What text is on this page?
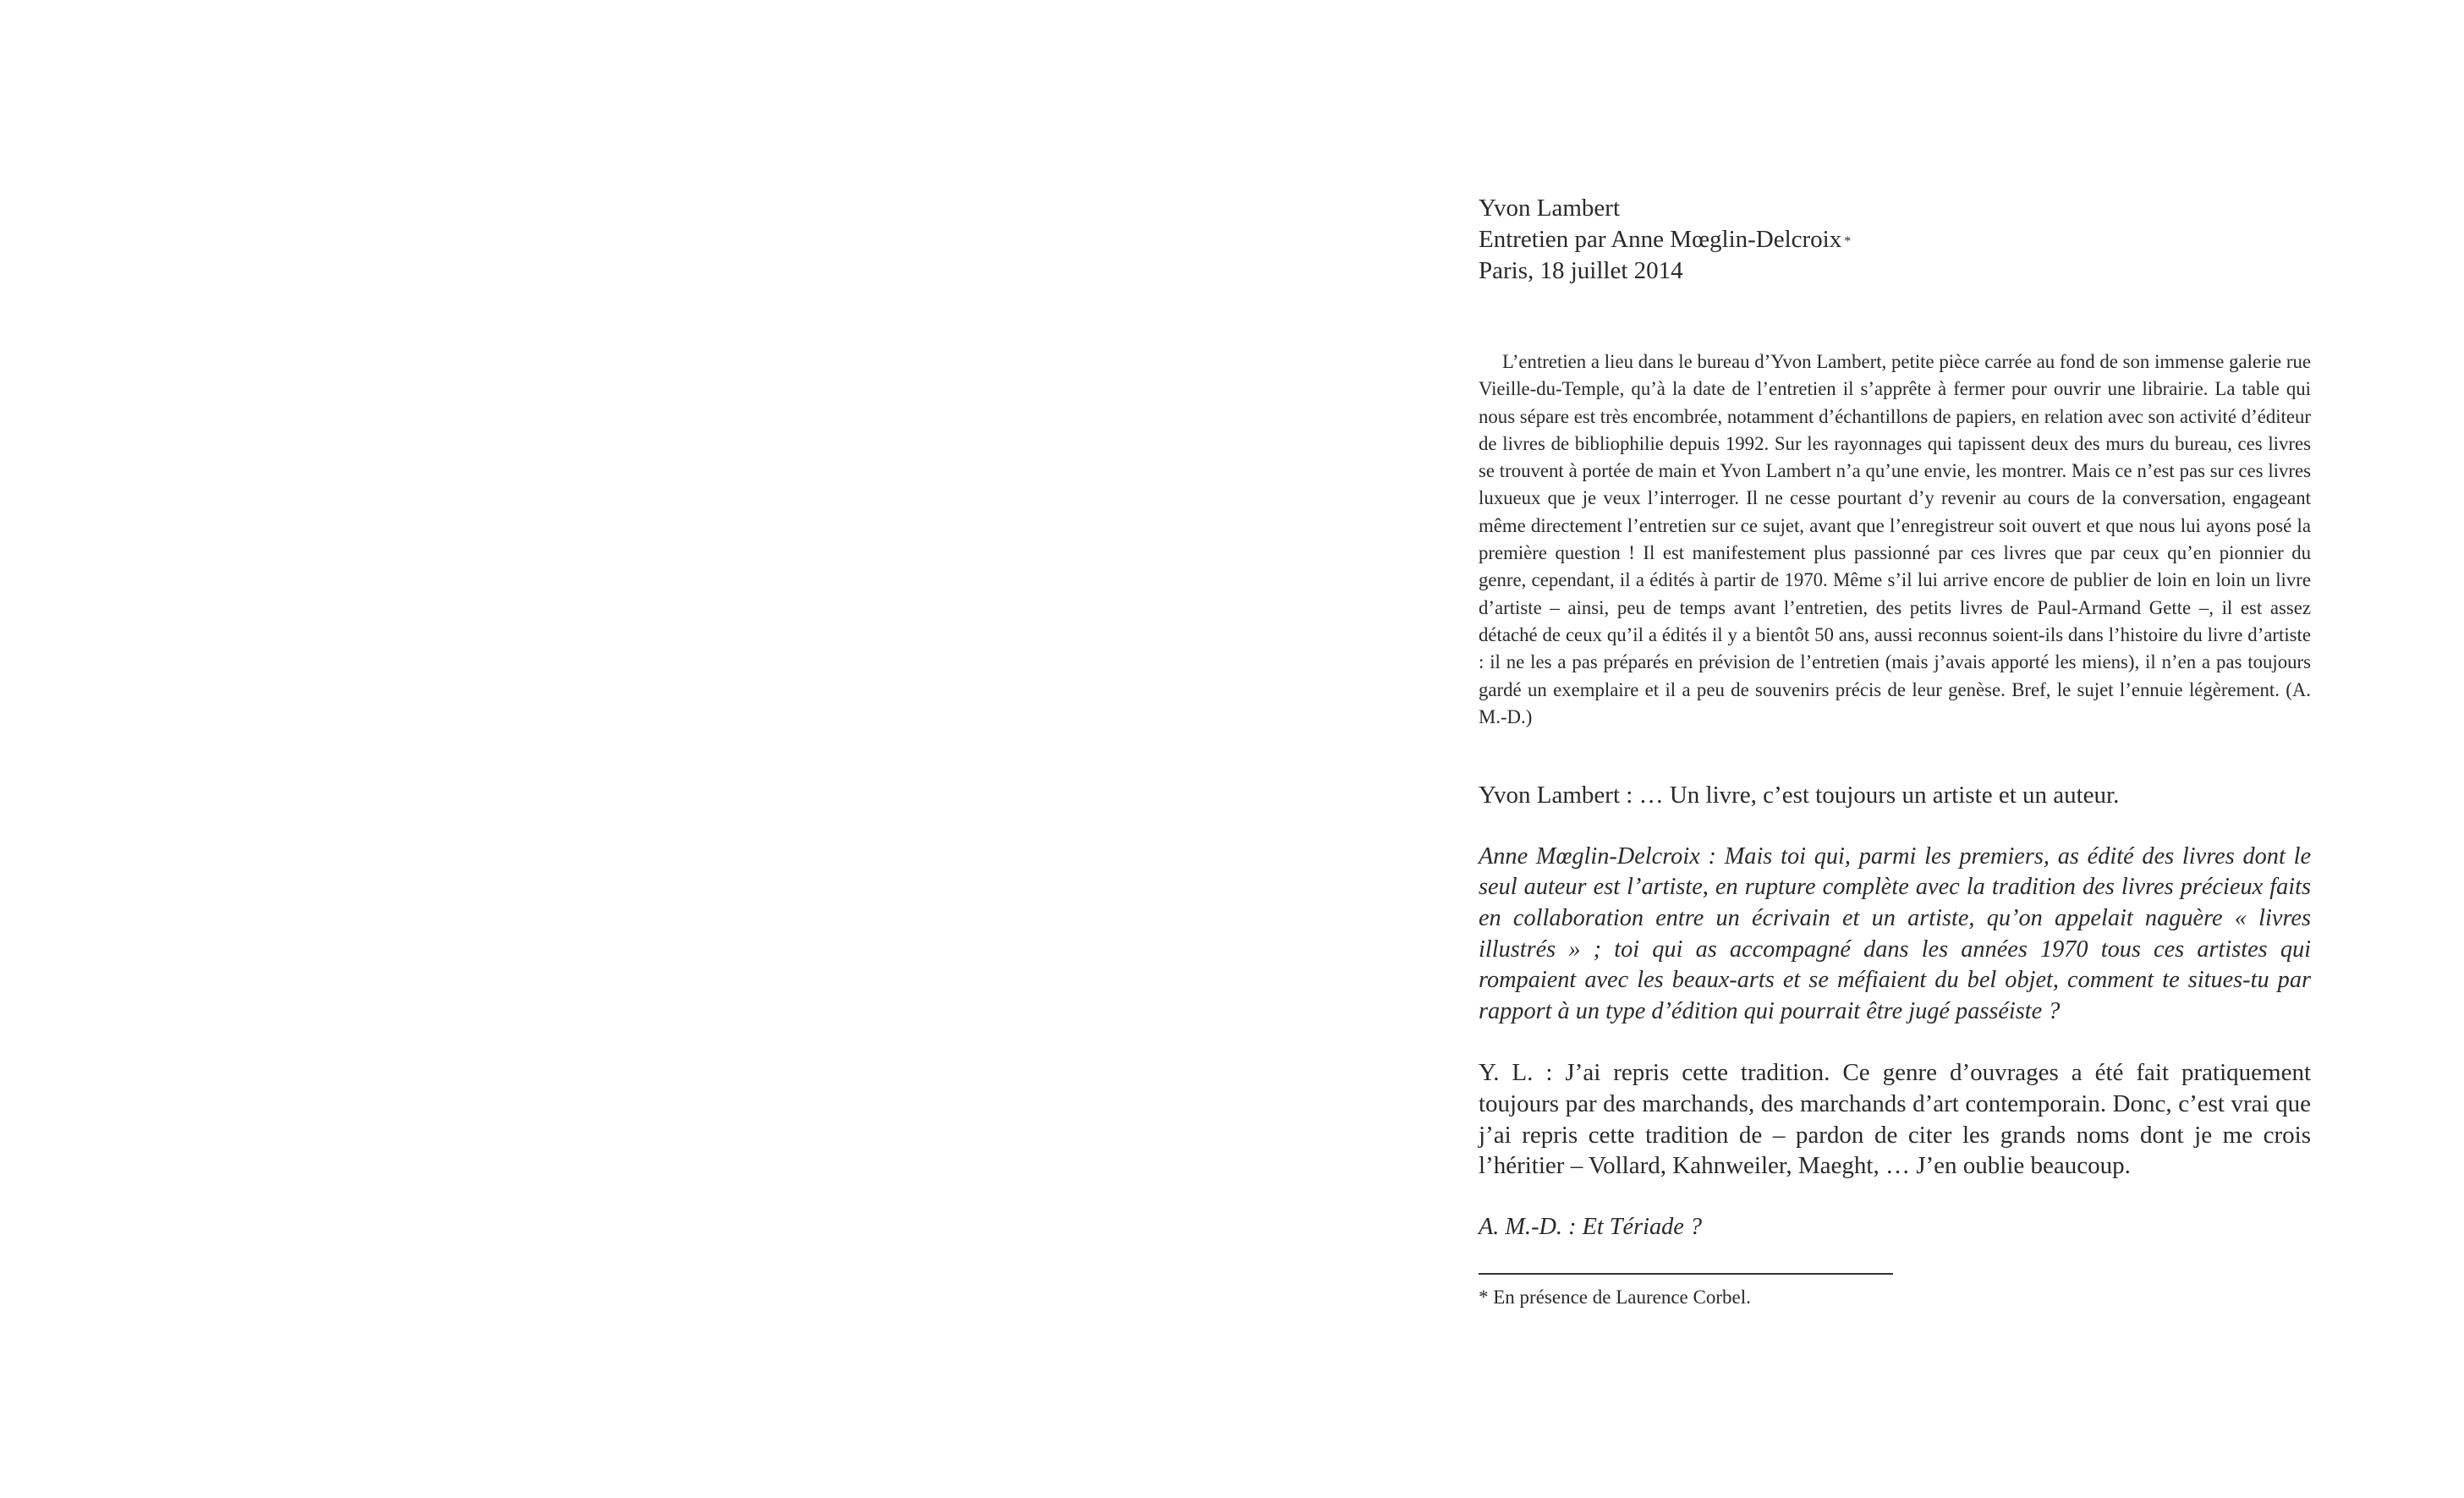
Yvon Lambert
Entretien par Anne Mœglin-Delcroix *
Paris, 18 juillet 2014

L’entretien a lieu dans le bureau d’Yvon Lambert, petite pièce carrée au fond de son immense galerie rue Vieille-du-Temple, qu’à la date de l’entretien il s’apprête à fermer pour ouvrir une librairie. La table qui nous sépare est très encombrée, notamment d’échantillons de papiers, en relation avec son activité d’éditeur de livres de bibliophilie depuis 1992. Sur les rayonnages qui tapissent deux des murs du bureau, ces livres se trouvent à portée de main et Yvon Lambert n’a qu’une envie, les montrer. Mais ce n’est pas sur ces livres luxueux que je veux l’interroger. Il ne cesse pourtant d’y revenir au cours de la conversation, engageant même directement l’entretien sur ce sujet, avant que l’enregistreur soit ouvert et que nous lui ayons posé la première question ! Il est manifestement plus passionné par ces livres que par ceux qu’en pionnier du genre, cependant, il a édités à partir de 1970. Même s’il lui arrive encore de publier de loin en loin un livre d’artiste – ainsi, peu de temps avant l’entretien, des petits livres de Paul-Armand Gette –, il est assez détaché de ceux qu’il a édités il y a bientôt 50 ans, aussi reconnus soient-ils dans l’histoire du livre d’artiste : il ne les a pas préparés en prévision de l’entretien (mais j’avais apporté les miens), il n’en a pas toujours gardé un exemplaire et il a peu de souvenirs précis de leur genèse. Bref, le sujet l’ennuie légèrement. (A. M.-D.)

Yvon Lambert : … Un livre, c’est toujours un artiste et un auteur.

Anne Mœglin-Delcroix : Mais toi qui, parmi les premiers, as édité des livres dont le seul auteur est l’artiste, en rupture complète avec la tradition des livres précieux faits en collaboration entre un écrivain et un artiste, qu’on appelait naguère « livres illustrés » ; toi qui as accompagné dans les années 1970 tous ces artistes qui rompaient avec les beaux-arts et se méfiaient du bel objet, comment te situes-tu par rapport à un type d’édition qui pourrait être jugé passéiste ?

Y. L. : J’ai repris cette tradition. Ce genre d’ouvrages a été fait pratiquement toujours par des marchands, des marchands d’art contemporain. Donc, c’est vrai que j’ai repris cette tradition de – pardon de citer les grands noms dont je me crois l’héritier – Vollard, Kahnweiler, Maeght, … J’en oublie beaucoup.

A. M.-D. : Et Tériade ?

* En présence de Laurence Corbel.
